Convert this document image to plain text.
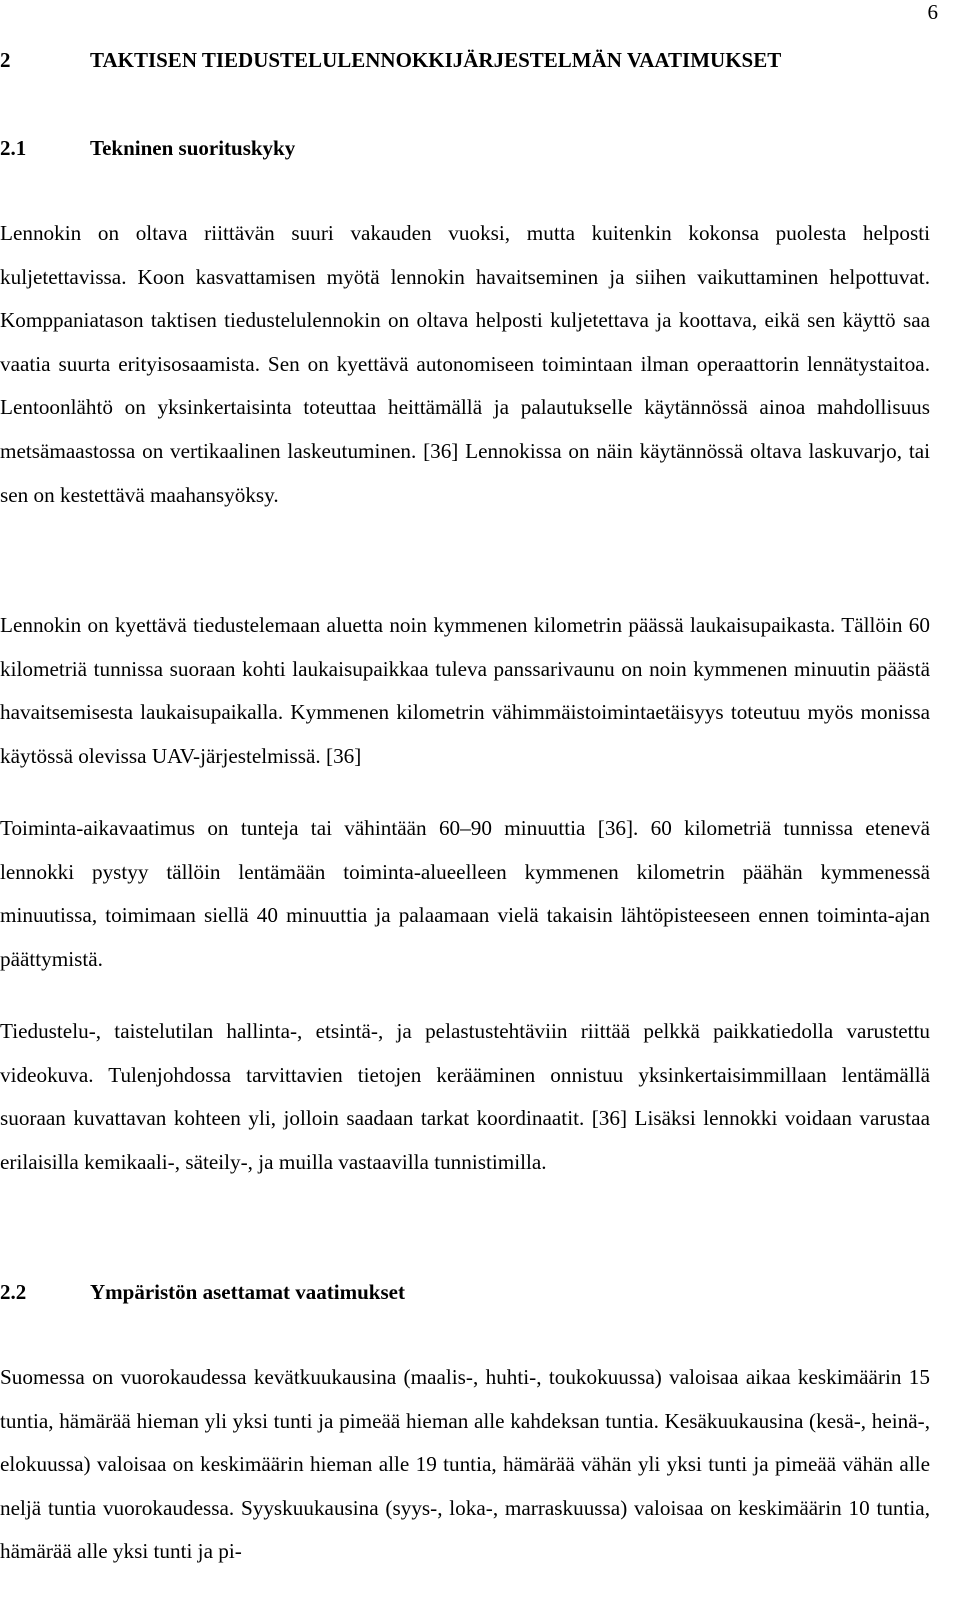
6
2	TAKTISEN TIEDUSTELULENNOKKIJÄRJESTELMÄN VAATIMUKSET
2.1	Tekninen suorituskyky

Lennokin on oltava riittävän suuri vakauden vuoksi, mutta kuitenkin kokonsa puolesta helposti kuljetettavissa. Koon kasvattamisen myötä lennokin havaitseminen ja siihen vaikuttaminen helpottuvat. Komppaniatason taktisen tiedustelulennokin on oltava helposti kuljetettava ja koottava, eikä sen käyttö saa vaatia suurta erityisosaamista. Sen on kyettävä autonomiseen toimintaan ilman operaattorin lennätystaitoa. Lentoonlähtö on yksinkertaisinta toteuttaa heittämällä ja palautukselle käytännössä ainoa mahdollisuus metsämaastossa on vertikaalinen laskeutuminen. [36] Lennokissa on näin käytännössä oltava laskuvarjo, tai sen on kestettävä maahansyöksy.

Lennokin on kyettävä tiedustelemaan aluetta noin kymmenen kilometrin päässä laukaisupaikasta. Tällöin 60 kilometriä tunnissa suoraan kohti laukaisupaikkaa tuleva panssarivaunu on noin kymmenen minuutin päästä havaitsemisesta laukaisupaikalla. Kymmenen kilometrin vähimmäistoimintaetäisyys toteutuu myös monissa käytössä olevissa UAV-järjestelmissä. [36]

Toiminta-aikavaatimus on tunteja tai vähintään 60–90 minuuttia [36]. 60 kilometriä tunnissa etenevä lennokki pystyy tällöin lentämään toiminta-alueelleen kymmenen kilometrin päähän kymmenessä minuutissa, toimimaan siellä 40 minuuttia ja palaamaan vielä takaisin lähtöpisteeseen ennen toiminta-ajan päättymistä.

Tiedustelu-, taistelutilan hallinta-, etsintä-, ja pelastustehtäviin riittää pelkkä paikkatiedolla varustettu videokuva. Tulenjohdossa tarvittavien tietojen kerääminen onnistuu yksinkertaisimmillaan lentämällä suoraan kuvattavan kohteen yli, jolloin saadaan tarkat koordinaatit. [36] Lisäksi lennokki voidaan varustaa erilaisilla kemikaali-, säteily-, ja muilla vastaavilla tunnistimilla.

2.2	Ympäristön asettamat vaatimukset

Suomessa on vuorokaudessa kevätkuukausina (maalis-, huhti-, toukokuussa) valoisaa aikaa keskimäärin 15 tuntia, hämärää hieman yli yksi tunti ja pimeää hieman alle kahdeksan tuntia. Kesäkuukausina (kesä-, heinä-, elokuussa) valoisaa on keskimäärin hieman alle 19 tuntia, hämärää vähän yli yksi tunti ja pimeää vähän alle neljä tuntia vuorokaudessa. Syyskuukausina (syys-, loka-, marraskuussa) valoisaa on keskimäärin 10 tuntia, hämärää alle yksi tunti ja pi-
